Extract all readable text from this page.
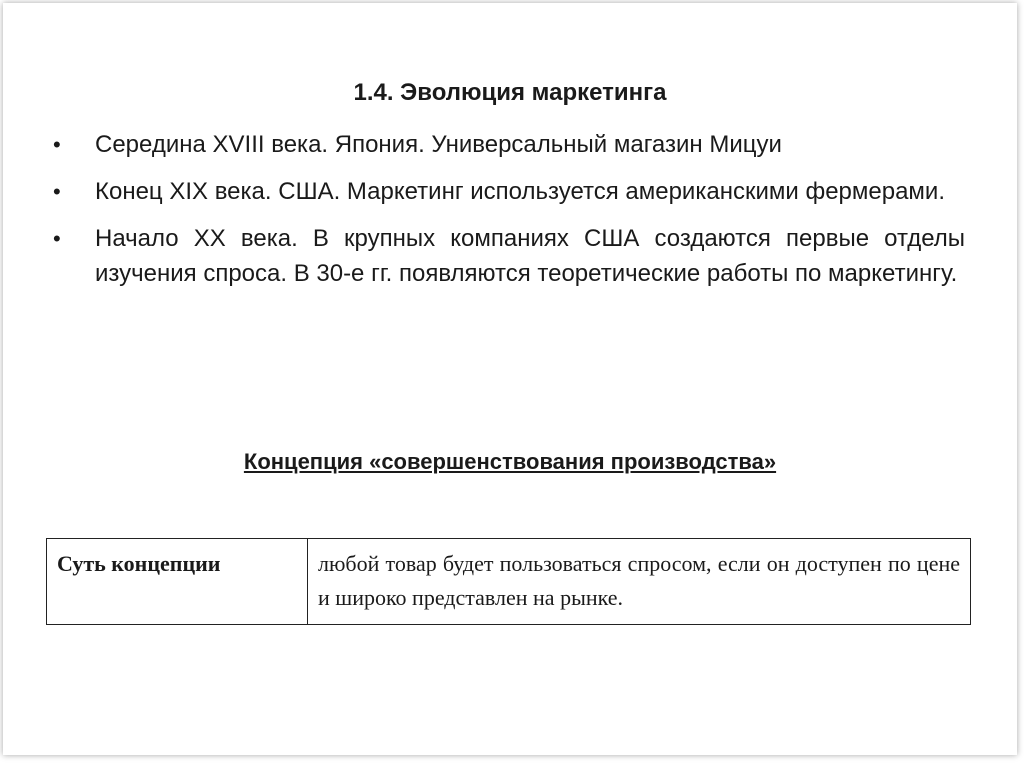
1.4. Эволюция маркетинга
•	Середина XVIII века. Япония. Универсальный магазин Мицуи
•	Конец XIX века. США. Маркетинг используется американскими фермерами.
•	Начало XX века. В крупных компаниях США создаются первые отделы изучения спроса. В 30-е гг. появляются теоретические работы по маркетингу.
Концепция «совершенствования производства»
Суть концепции	любой товар будет пользоваться спросом, если он доступен по цене и широко представлен на рынке.
